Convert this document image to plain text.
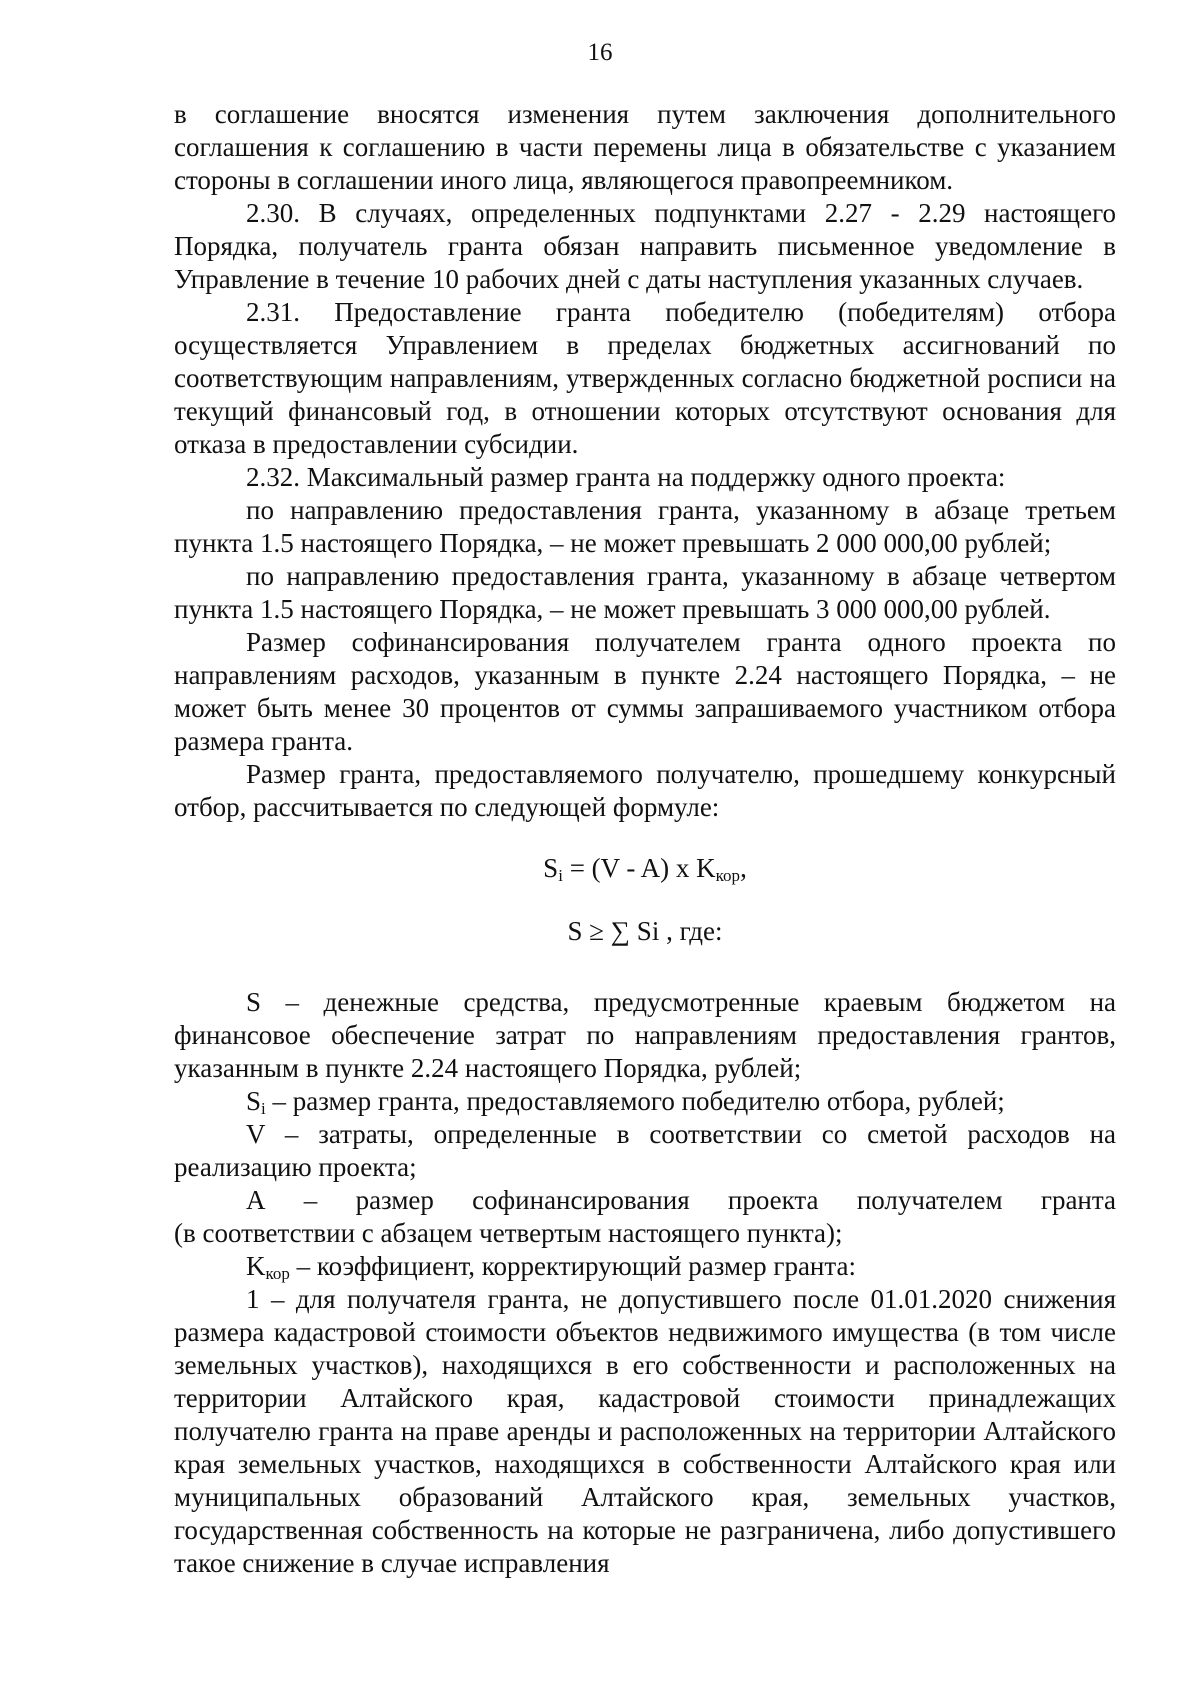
16

в соглашение вносятся изменения путем заключения дополнительного соглашения к соглашению в части перемены лица в обязательстве с указанием стороны в соглашении иного лица, являющегося правопреемником.

2.30. В случаях, определенных подпунктами 2.27 - 2.29 настоящего Порядка, получатель гранта обязан направить письменное уведомление в Управление в течение 10 рабочих дней с даты наступления указанных случаев.

2.31. Предоставление гранта победителю (победителям) отбора осуществляется Управлением в пределах бюджетных ассигнований по соответствующим направлениям, утвержденных согласно бюджетной росписи на текущий финансовый год, в отношении которых отсутствуют основания для отказа в предоставлении субсидии.

2.32. Максимальный размер гранта на поддержку одного проекта:

по направлению предоставления гранта, указанному в абзаце третьем пункта 1.5 настоящего Порядка, – не может превышать 2 000 000,00 рублей;

по направлению предоставления гранта, указанному в абзаце четвертом пункта 1.5 настоящего Порядка, – не может превышать 3 000 000,00 рублей.

Размер софинансирования получателем гранта одного проекта по направлениям расходов, указанным в пункте 2.24 настоящего Порядка, – не может быть менее 30 процентов от суммы запрашиваемого участником отбора размера гранта.

Размер гранта, предоставляемого получателю, прошедшему конкурсный отбор, рассчитывается по следующей формуле:

$S_i = (V - A)$ х $K_{кор}$,

S ≥ ∑ Si , где:

S – денежные средства, предусмотренные краевым бюджетом на финансовое обеспечение затрат по направлениям предоставления грантов, указанным в пункте 2.24 настоящего Порядка, рублей;

$S_i$ – размер гранта, предоставляемого победителю отбора, рублей;

V – затраты, определенные в соответствии со сметой расходов на реализацию проекта;

А – размер софинансирования проекта получателем гранта

(в соответствии с абзацем четвертым настоящего пункта);

$K_{кор}$ – коэффициент, корректирующий размер гранта:

1 – для получателя гранта, не допустившего после 01.01.2020 снижения размера кадастровой стоимости объектов недвижимого имущества (в том числе земельных участков), находящихся в его собственности и расположенных на территории Алтайского края, кадастровой стоимости принадлежащих получателю гранта на праве аренды и расположенных на территории Алтайского края земельных участков, находящихся в собственности Алтайского края или муниципальных образований Алтайского края, земельных участков, государственная собственность на которые не разграничена, либо допустившего такое снижение в случае исправления
